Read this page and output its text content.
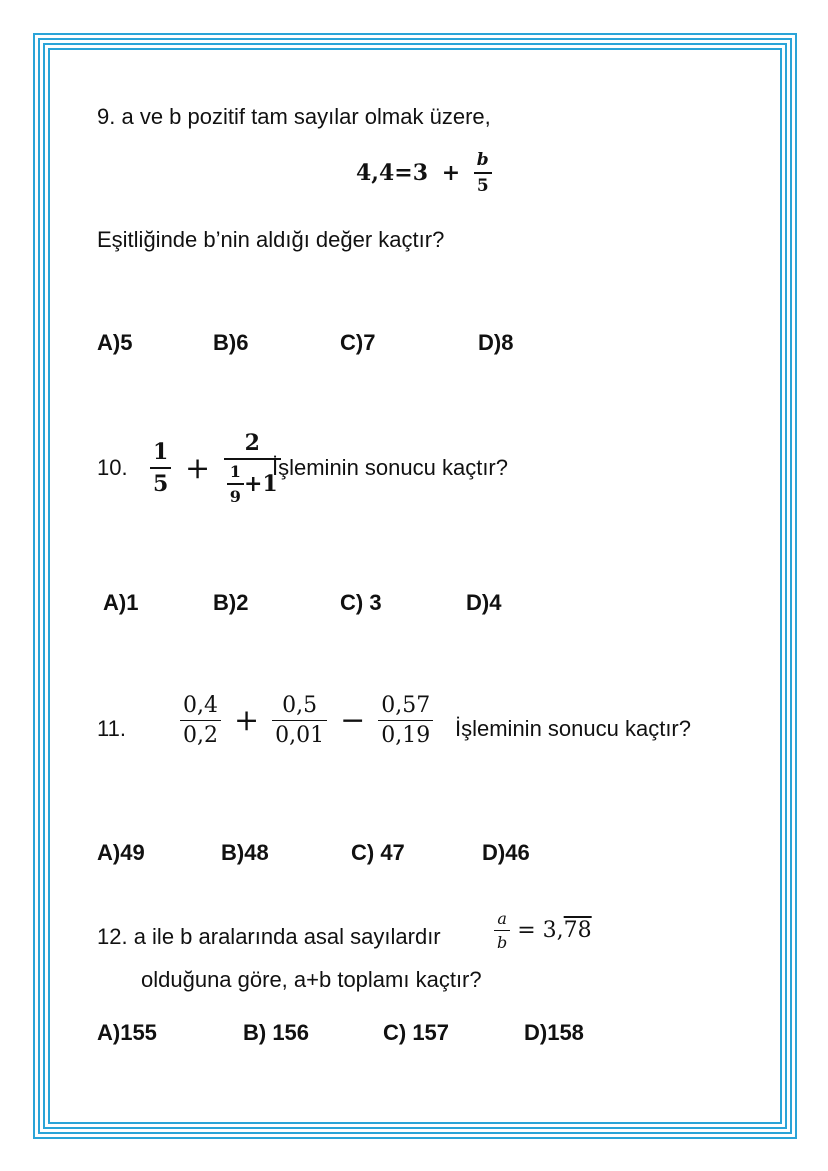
9. a ve b pozitif tam sayılar olmak üzere,
$4,4=3 + \frac{b}{5}$
Eşitliğinde b’nin aldığı değer kaçtır?
A)5	B)6	C)7	D)8
10. $\frac{1}{5} + \frac{2}{\frac{1}{9} +1}$
İşleminin sonucu kaçtır?
A)1	B)2	C) 3	D)4
11. $\frac{0,4}{0,2} + \frac{0,5}{0,01} - \frac{0,57}{0,19}$ İşleminin sonucu kaçtır?
A)49	B)48	C) 47	D)46
12. a ile b aralarında asal sayılardır	$\frac{a}{b} = 3,78$
olduğuna göre, a+b toplamı kaçtır?
A)155	B) 156	C) 157	D)158
